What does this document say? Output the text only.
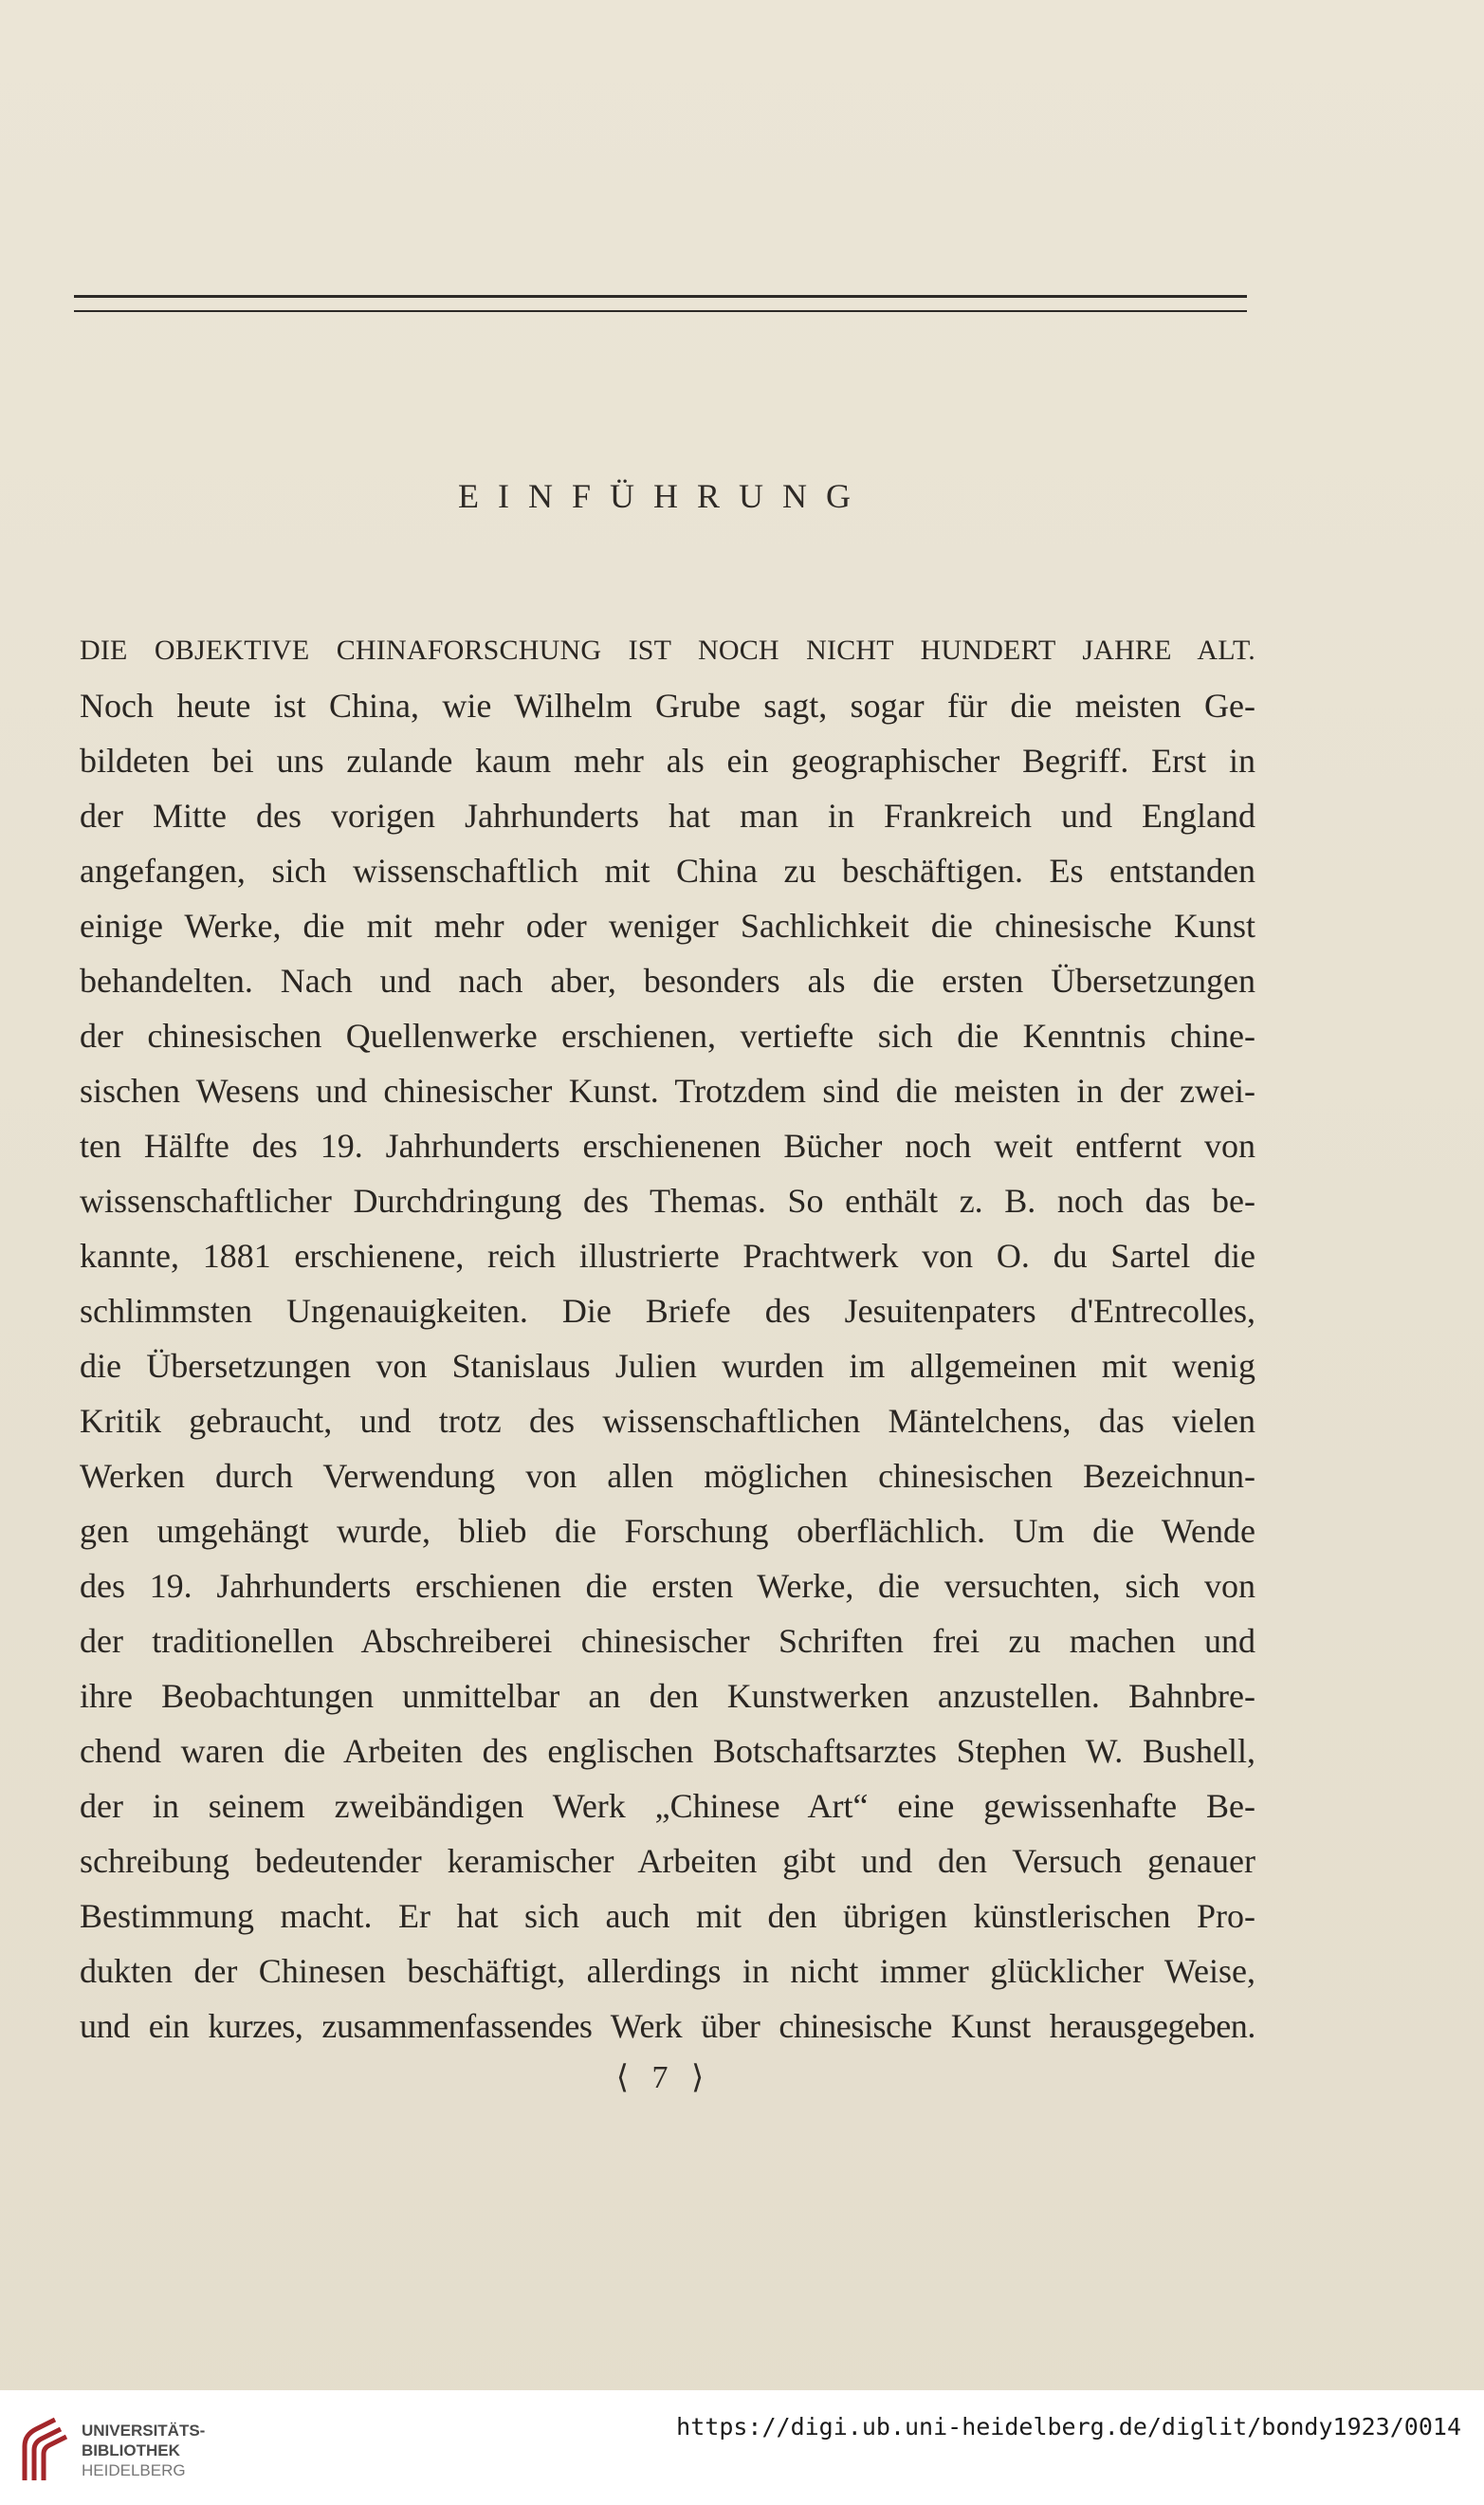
EINFÜHRUNG
DIE OBJEKTIVE CHINAFORSCHUNG IST NOCH NICHT HUNDERT JAHRE ALT.
Noch heute ist China, wie Wilhelm Grube sagt, sogar für die meisten Ge-
bildeten bei uns zulande kaum mehr als ein geographischer Begriff. Erst in
der Mitte des vorigen Jahrhunderts hat man in Frankreich und England
angefangen, sich wissenschaftlich mit China zu beschäftigen. Es entstanden
einige Werke, die mit mehr oder weniger Sachlichkeit die chinesische Kunst
behandelten. Nach und nach aber, besonders als die ersten Übersetzungen
der chinesischen Quellenwerke erschienen, vertiefte sich die Kenntnis chine-
sischen Wesens und chinesischer Kunst. Trotzdem sind die meisten in der zwei-
ten Hälfte des 19. Jahrhunderts erschienenen Bücher noch weit entfernt von
wissenschaftlicher Durchdringung des Themas. So enthält z. B. noch das be-
kannte, 1881 erschienene, reich illustrierte Prachtwerk von O. du Sartel die
schlimmsten Ungenauigkeiten. Die Briefe des Jesuitenpaters d'Entrecolles,
die Übersetzungen von Stanislaus Julien wurden im allgemeinen mit wenig
Kritik gebraucht, und trotz des wissenschaftlichen Mäntelchens, das vielen
Werken durch Verwendung von allen möglichen chinesischen Bezeichnun-
gen umgehängt wurde, blieb die Forschung oberflächlich. Um die Wende
des 19. Jahrhunderts erschienen die ersten Werke, die versuchten, sich von
der traditionellen Abschreiberei chinesischer Schriften frei zu machen und
ihre Beobachtungen unmittelbar an den Kunstwerken anzustellen. Bahnbre-
chend waren die Arbeiten des englischen Botschaftsarztes Stephen W. Bushell,
der in seinem zweibändigen Werk „Chinese Art“ eine gewissenhafte Be-
schreibung bedeutender keramischer Arbeiten gibt und den Versuch genauer
Bestimmung macht. Er hat sich auch mit den übrigen künstlerischen Pro-
dukten der Chinesen beschäftigt, allerdings in nicht immer glücklicher Weise,
und ein kurzes, zusammenfassendes Werk über chinesische Kunst herausgegeben.
⟨ 7 ⟩
UNIVERSITÄTS-
BIBLIOTHEK
HEIDELBERG
https://digi.ub.uni-heidelberg.de/diglit/bondy1923/0014
